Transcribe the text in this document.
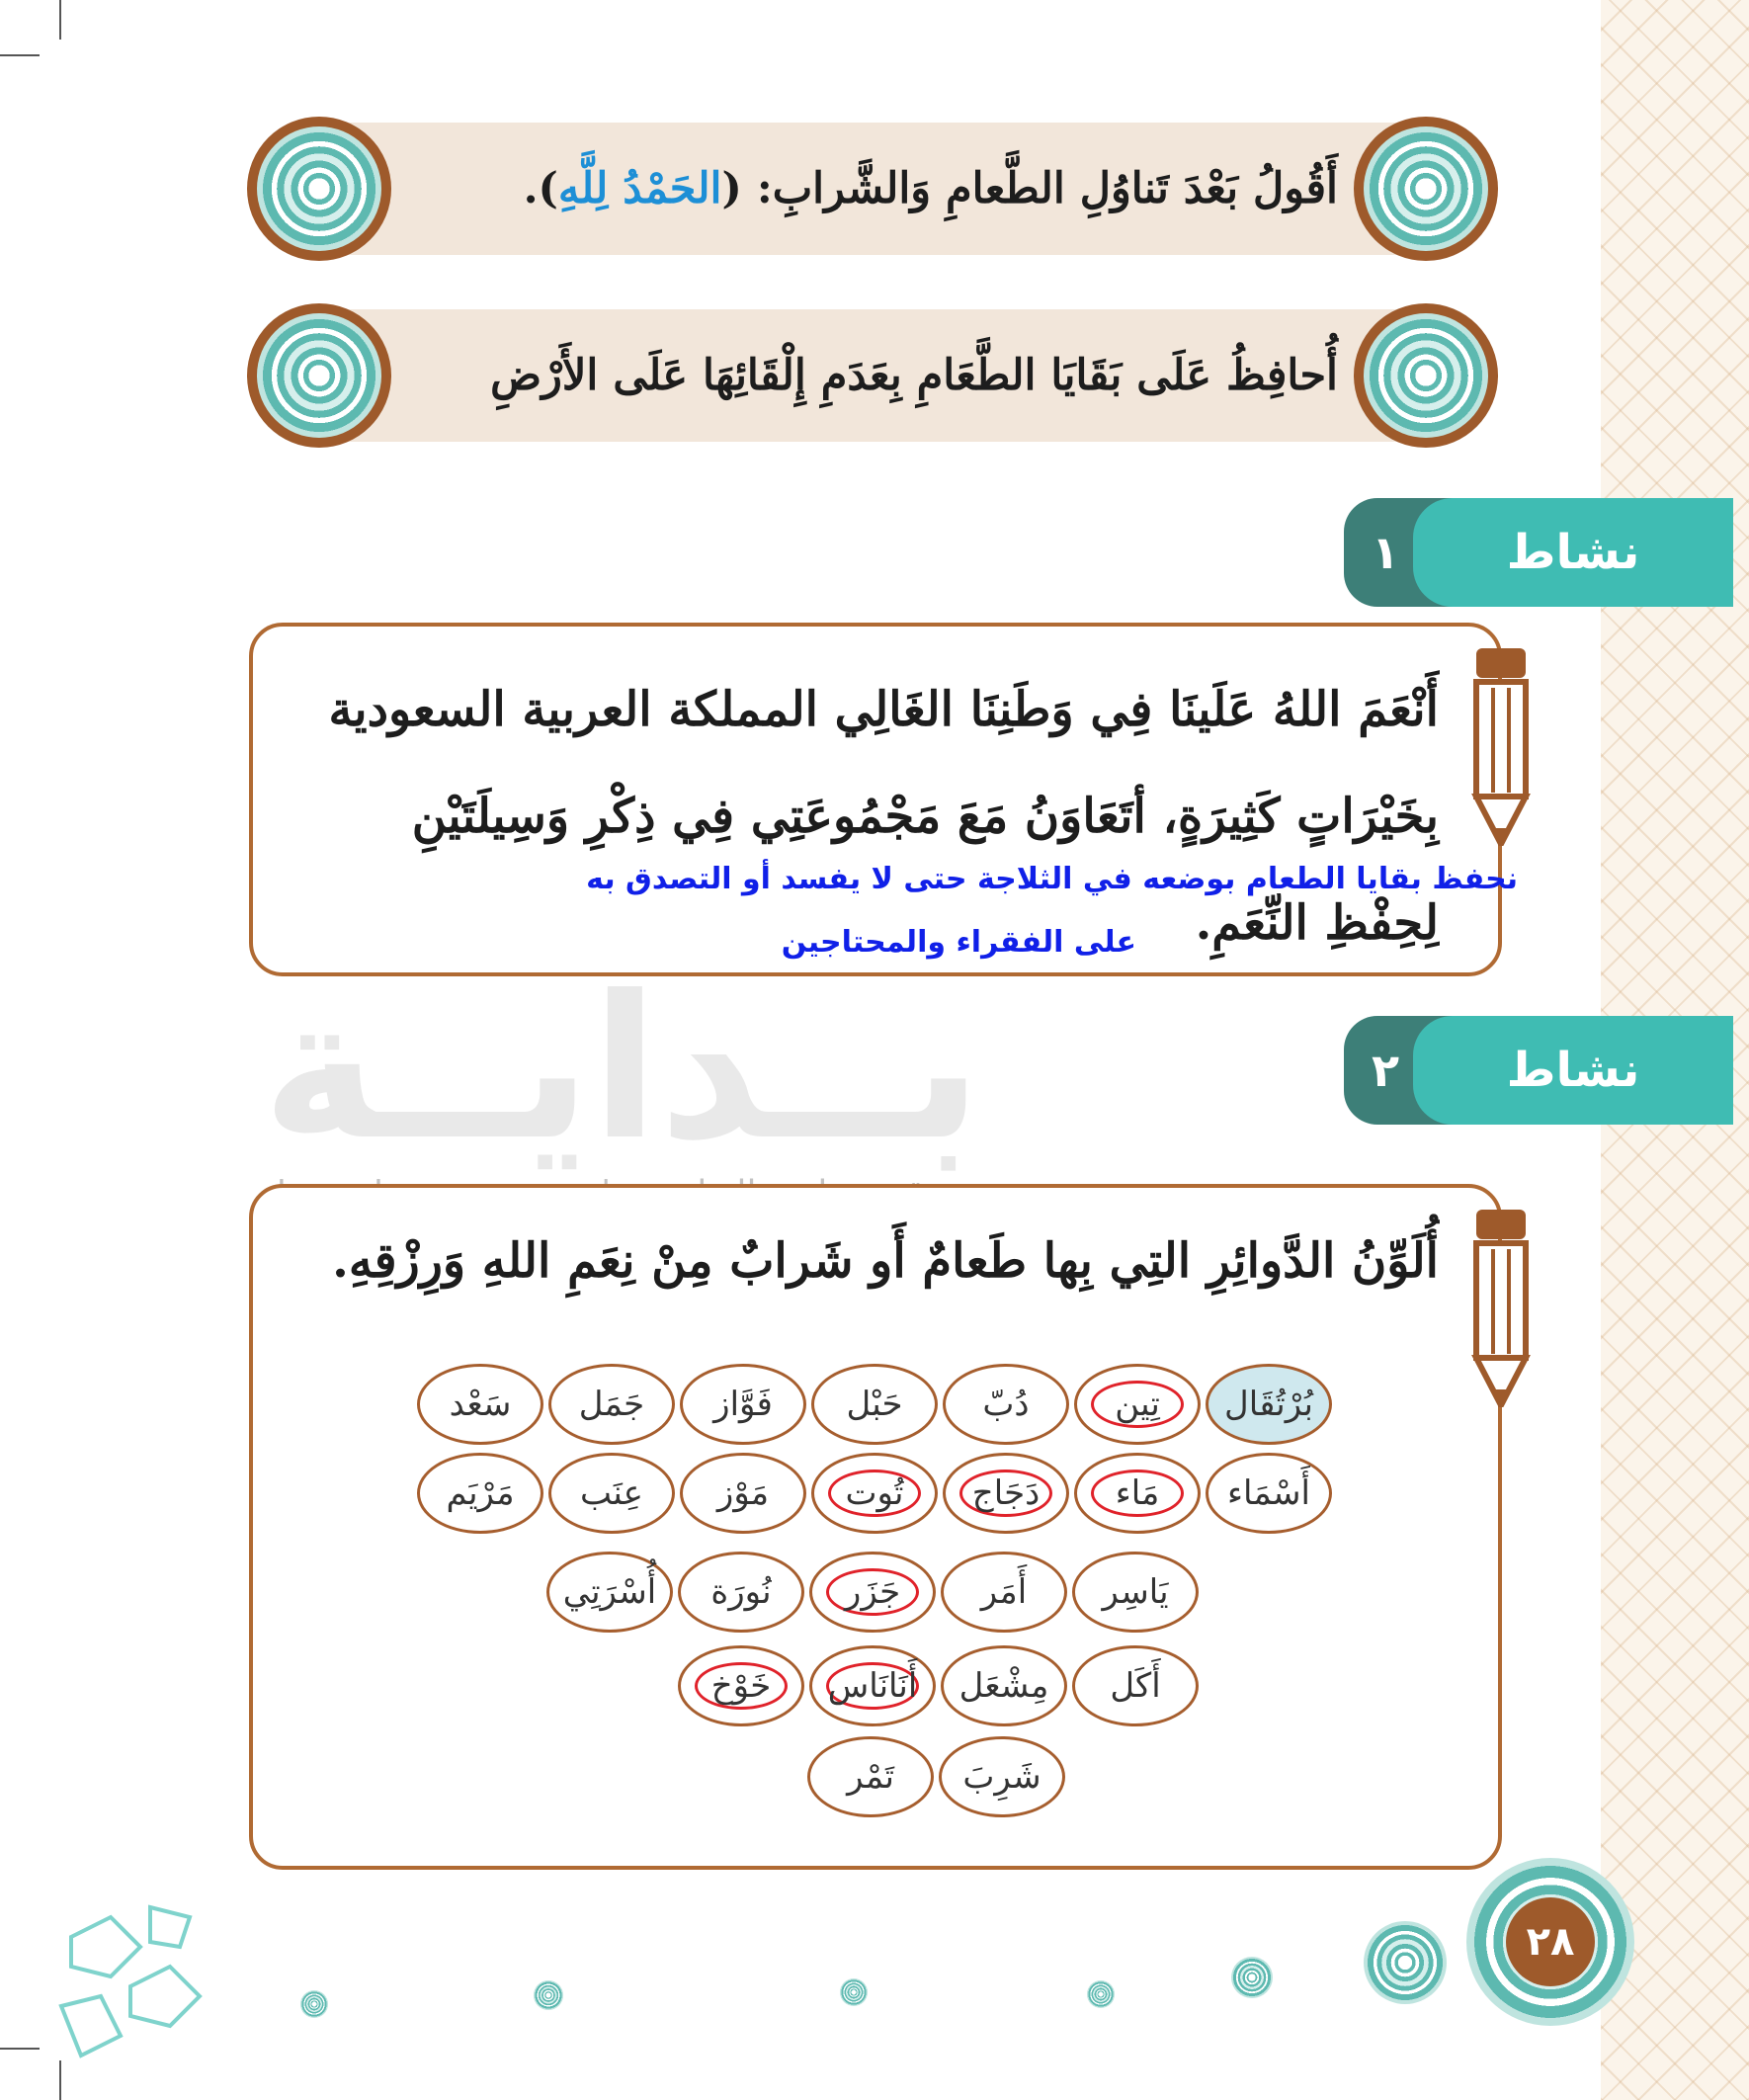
أَقُولُ بَعْدَ تَناوُلِ الطَّعامِ وَالشَّرابِ: (
الحَمْدُ لِلَّهِ
).
أُحافِظُ عَلَى بَقَايَا الطَّعَامِ بِعَدَمِ إِلْقَائِهَا عَلَى الأَرْضِ
نشاط
١
أَنْعَمَ اللهُ عَلَينَا فِي وَطَنِنَا الغَالِي المملكة العربية السعودية
بِخَيْرَاتٍ كَثِيرَةٍ، أتَعَاوَنُ مَعَ مَجْمُوعَتِي فِي ذِكْرِ وَسِيلَتَيْنِ
لِحِفْظِ النِّعَمِ.
نحفظ بقايا الطعام بوضعه في الثلاجة حتى لا يفسد أو التصدق به
على الفقراء والمحتاجين
بــدايــة	نشاط
٢
أُلَوِّنُ الدَّوائِرِ التِي بِها طَعامٌ أَو شَرابٌ مِنْ نِعَمِ اللهِ وَرِزْقِهِ.
بُرْتُقَال
تِين
دُبّ
حَبْل
فَوَّاز
جَمَل
سَعْد
أَسْمَاء
مَاء
دَجَاج
تُوت
مَوْز
عِنَب
مَرْيَم
يَاسِر
أَمَر
جَزَر
نُورَة
أُسْرَتِي
أَكَل
مِشْعَل
أَنَانَاس
خَوْخ
شَرِبَ
تَمْر
٢٨
